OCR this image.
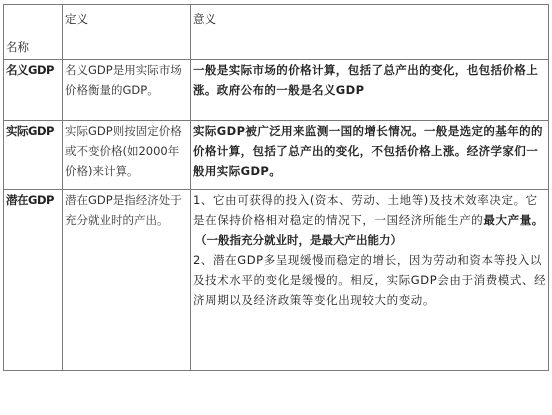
名称	定义	意义
名义GDP	名义GDP是用实际市场价格衡量的GDP。	一般是实际市场的价格计算，包括了总产出的变化，也包括价格上涨。政府公布的一般是名义GDP

实际GDP	实际GDP则按固定价格或不变价格(如2000年价格)来计算。	实际GDP被广泛用来监测一国的增长情况。一般是选定的基年的的价格计算，包括了总产出的变化，不包括价格上涨。经济学家们一般用实际GDP。

潜在GDP	潜在GDP是指经济处于充分就业时的产出。	1、它由可获得的投入(资本、劳动、土地等)及技术效率决定。它是在保持价格相对稳定的情况下，一国经济所能生产的最大产量。
（一般指充分就业时，是最大产出能力）
2、潜在GDP多呈现缓慢而稳定的增长，因为劳动和资本等投入以及技术水平的变化是缓慢的。相反，实际GDP会由于消费模式、经济周期以及经济政策等变化出现较大的变动。
